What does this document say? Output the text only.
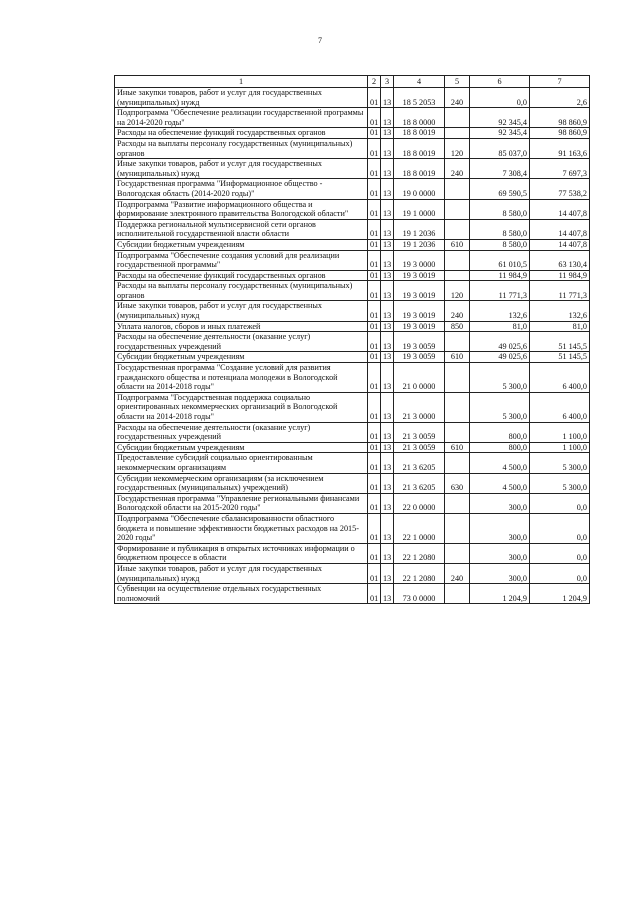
7
1	2	3	4	5	6	7
Иные закупки товаров, работ и услуг для государственных (муниципальных) нужд	01	13	18 5 2053	240	0,0	2,6
Подпрограмма "Обеспечение реализации государственной программы на 2014-2020 годы"	01	13	18 8 0000		92 345,4	98 860,9
Расходы на обеспечение функций государственных органов	01	13	18 8 0019		92 345,4	98 860,9
Расходы на выплаты персоналу государственных (муниципальных) органов	01	13	18 8 0019	120	85 037,0	91 163,6
Иные закупки товаров, работ и услуг для государственных (муниципальных) нужд	01	13	18 8 0019	240	7 308,4	7 697,3
Государственная программа "Информационное общество - Вологодская область (2014-2020 годы)"	01	13	19 0 0000		69 590,5	77 538,2
Подпрограмма "Развитие информационного общества и формирование электронного правительства Вологодской области"	01	13	19 1 0000		8 580,0	14 407,8
Поддержка региональной мультисервисной сети органов исполнительной государственной власти области	01	13	19 1 2036		8 580,0	14 407,8
Субсидии бюджетным учреждениям	01	13	19 1 2036	610	8 580,0	14 407,8
Подпрограмма "Обеспечение создания условий для реализации государственной программы"	01	13	19 3 0000		61 010,5	63 130,4
Расходы на обеспечение функций государственных органов	01	13	19 3 0019		11 984,9	11 984,9
Расходы на выплаты персоналу государственных (муниципальных) органов	01	13	19 3 0019	120	11 771,3	11 771,3
Иные закупки товаров, работ и услуг для государственных (муниципальных) нужд	01	13	19 3 0019	240	132,6	132,6
Уплата налогов, сборов и иных платежей	01	13	19 3 0019	850	81,0	81,0
Расходы на обеспечение деятельности (оказание услуг) государственных учреждений	01	13	19 3 0059		49 025,6	51 145,5
Субсидии бюджетным учреждениям	01	13	19 3 0059	610	49 025,6	51 145,5
Государственная программа "Создание условий для развития гражданского общества и потенциала молодежи в Вологодской области на 2014-2018 годы"	01	13	21 0 0000		5 300,0	6 400,0
Подпрограмма "Государственная поддержка социально ориентированных некоммерческих организаций в Вологодской области на 2014-2018 годы"	01	13	21 3 0000		5 300,0	6 400,0
Расходы на обеспечение деятельности (оказание услуг) государственных учреждений	01	13	21 3 0059		800,0	1 100,0
Субсидии бюджетным учреждениям	01	13	21 3 0059	610	800,0	1 100,0
Предоставление субсидий социально ориентированным некоммерческим организациям	01	13	21 3 6205		4 500,0	5 300,0
Субсидии некоммерческим организациям (за исключением государственных (муниципальных) учреждений)	01	13	21 3 6205	630	4 500,0	5 300,0
Государственная программа "Управление региональными финансами Вологодской области на 2015-2020 годы"	01	13	22 0 0000		300,0	0,0
Подпрограмма "Обеспечение сбалансированности областного бюджета и повышение эффективности бюджетных расходов на 2015-2020 годы"	01	13	22 1 0000		300,0	0,0
Формирование и публикация в открытых источниках информации о бюджетном процессе в области	01	13	22 1 2080		300,0	0,0
Иные закупки товаров, работ и услуг для государственных (муниципальных) нужд	01	13	22 1 2080	240	300,0	0,0
Субвенции на осуществление отдельных государственных полномочий	01	13	73 0 0000		1 204,9	1 204,9
